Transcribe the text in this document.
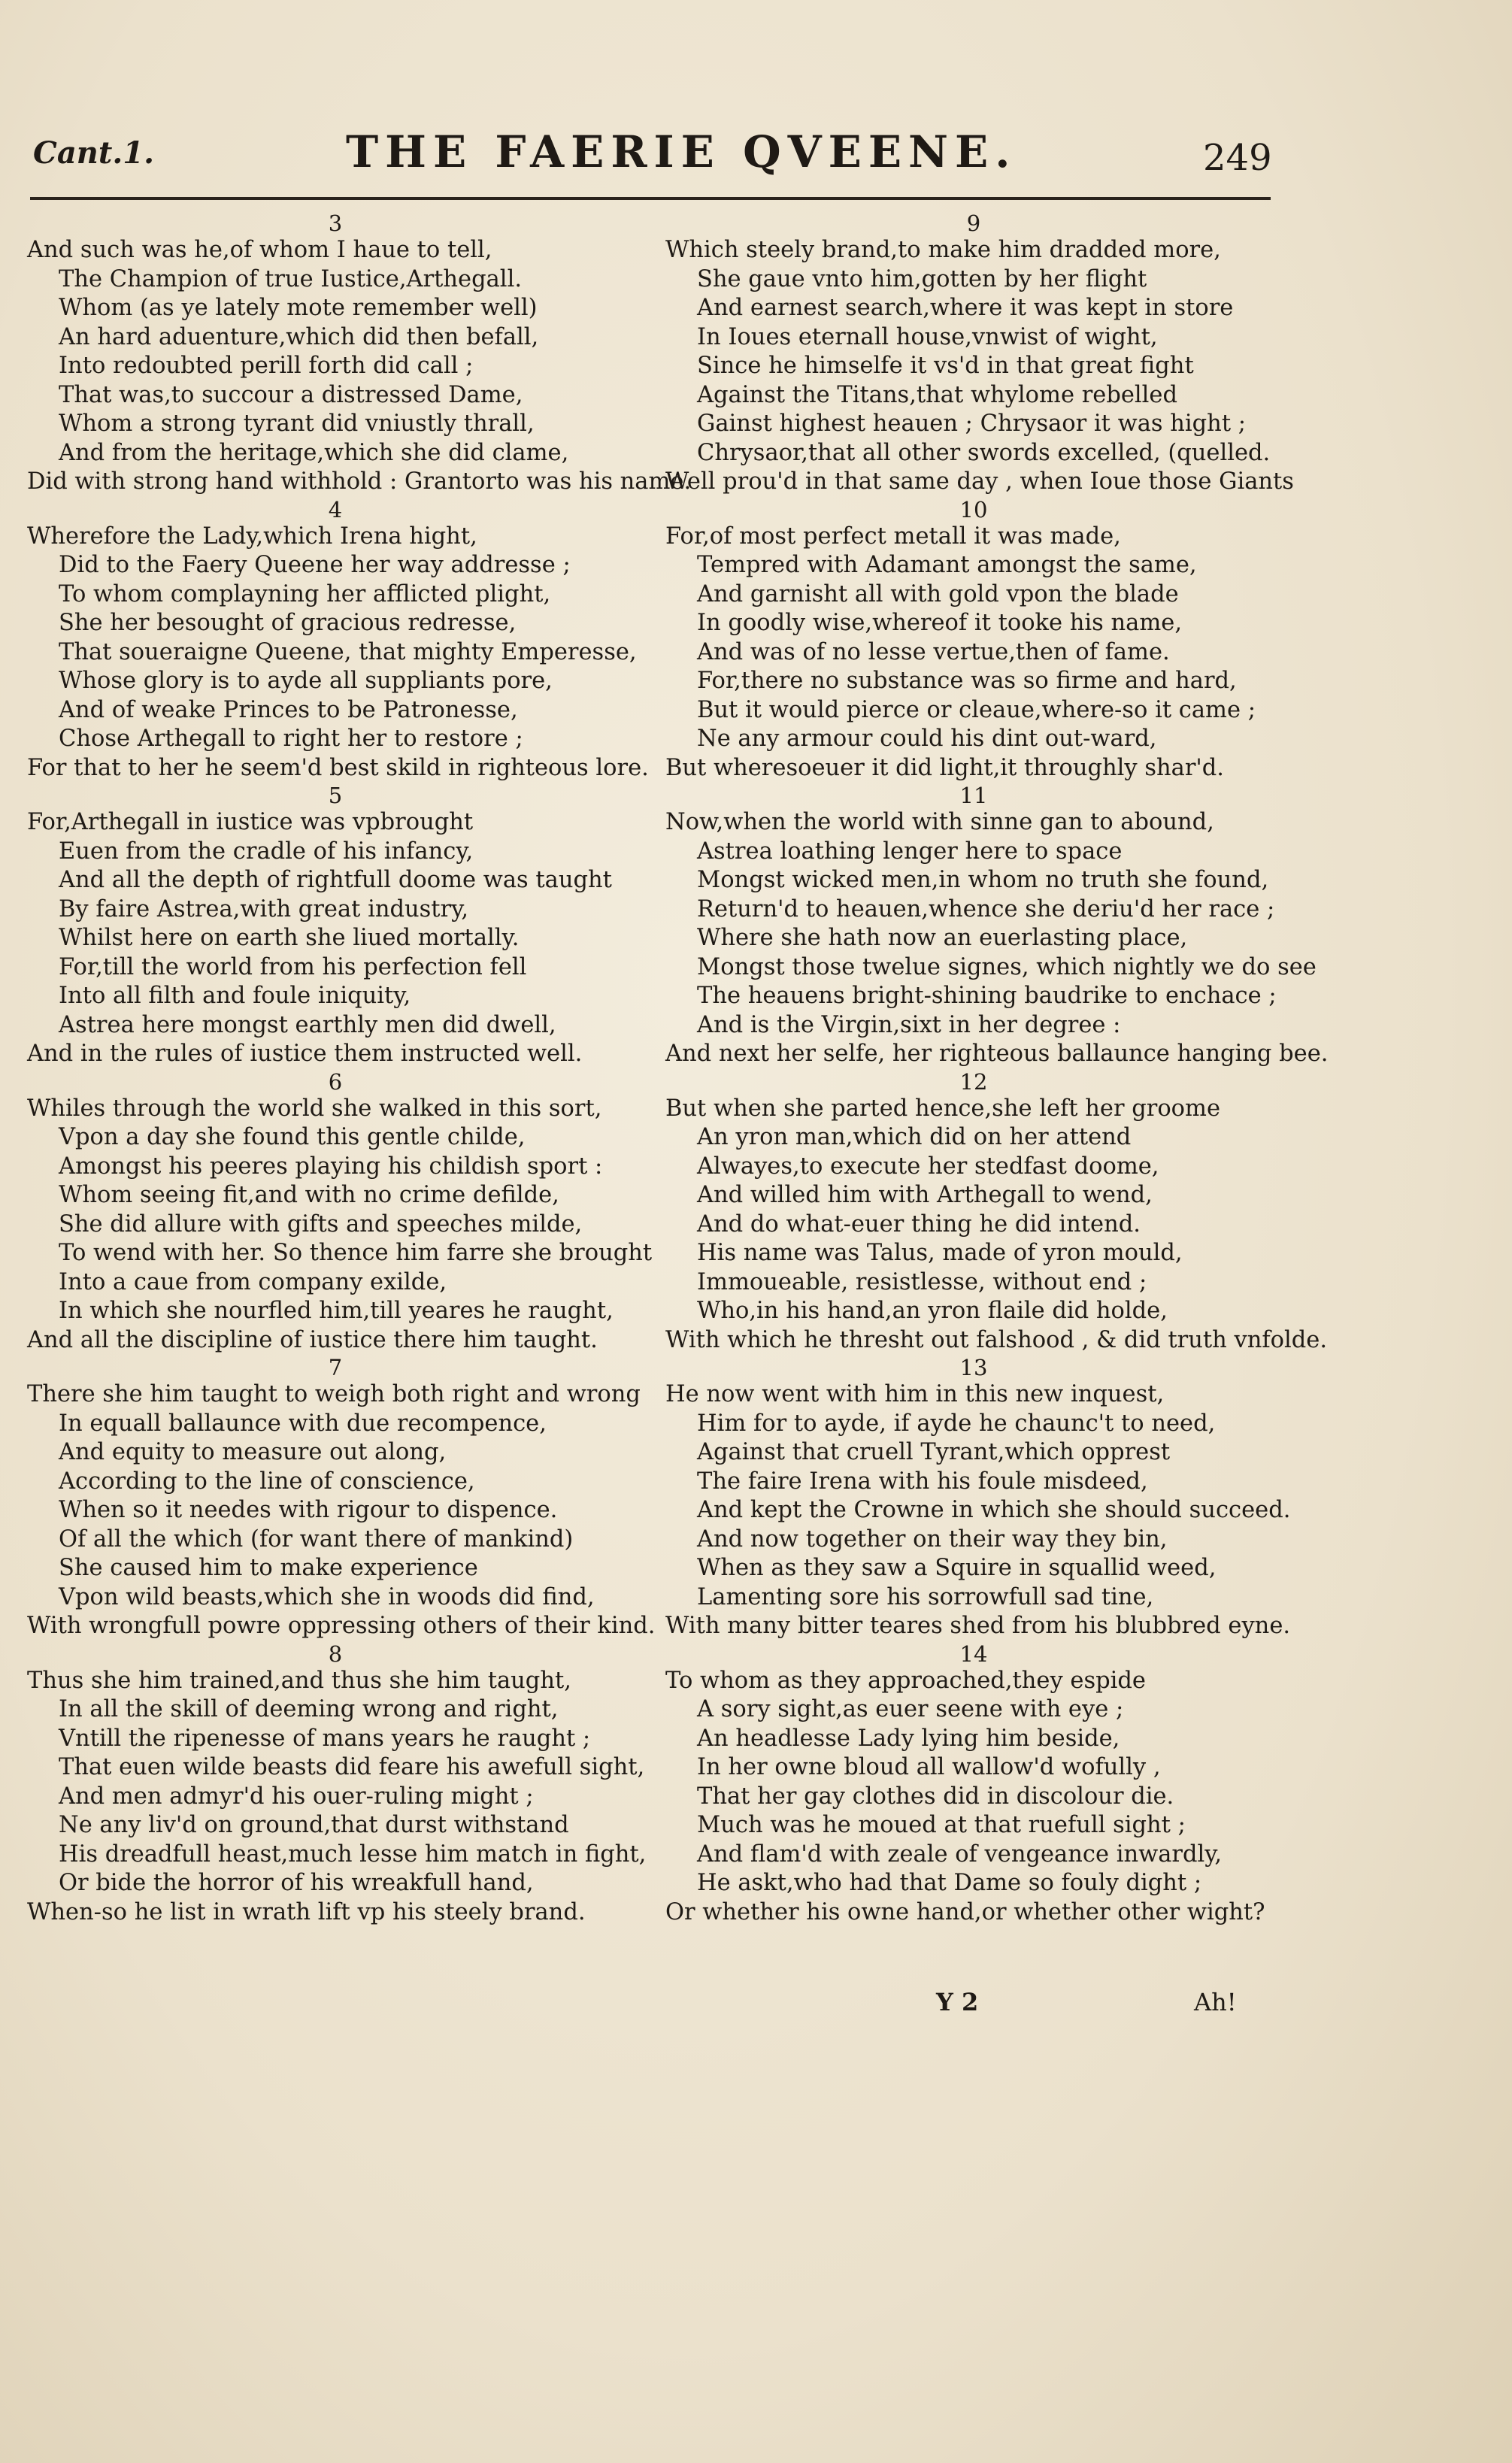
Cant.1.	THE FAERIE QVEENE.	249
3
And such was he,of whom I haue to tell,
The Champion of true Iustice,Arthegall.
Whom (as ye lately mote remember well)
An hard aduenture,which did then befall,
Into redoubted perill forth did call ;
That was,to succour a distressed Dame,
Whom a strong tyrant did vniustly thrall,
And from the heritage,which she did clame,
Did with strong hand withhold : Grantorto was his name.
4
Wherefore the Lady,which Irena hight,
Did to the Faery Queene her way addresse ;
To whom complayning her afflicted plight,
She her besought of gracious redresse,
That soueraigne Queene, that mighty Emperesse,
Whose glory is to ayde all suppliants pore,
And of weake Princes to be Patronesse,
Chose Arthegall to right her to restore ;
For that to her he seem'd best skild in righteous lore.
5
For,Arthegall in iustice was vpbrought
Euen from the cradle of his infancy,
And all the depth of rightfull doome was taught
By faire Astrea,with great industry,
Whilst here on earth she liued mortally.
For,till the world from his perfection fell
Into all filth and foule iniquity,
Astrea here mongst earthly men did dwell,
And in the rules of iustice them instructed well.
6
Whiles through the world she walked in this sort,
Vpon a day she found this gentle childe,
Amongst his peeres playing his childish sport :
Whom seeing fit,and with no crime defilde,
She did allure with gifts and speeches milde,
To wend with her. So thence him farre she brought
Into a caue from company exilde,
In which she nourfled him,till yeares he raught,
And all the discipline of iustice there him taught.
7
There she him taught to weigh both right and wrong
In equall ballaunce with due recompence,
And equity to measure out along,
According to the line of conscience,
When so it needes with rigour to dispence.
Of all the which (for want there of mankind)
She caused him to make experience
Vpon wild beasts,which she in woods did find,
With wrongfull powre oppressing others of their kind.
8
Thus she him trained,and thus she him taught,
In all the skill of deeming wrong and right,
Vntill the ripenesse of mans years he raught ;
That euen wilde beasts did feare his awefull sight,
And men admyr'd his ouer-ruling might ;
Ne any liv'd on ground,that durst withstand
His dreadfull heast,much lesse him match in fight,
Or bide the horror of his wreakfull hand,
When-so he list in wrath lift vp his steely brand.
9
Which steely brand,to make him dradded more,
She gaue vnto him,gotten by her flight
And earnest search,where it was kept in store
In Ioues eternall house,vnwist of wight,
Since he himselfe it vs'd in that great fight
Against the Titans,that whylome rebelled
Gainst highest heauen ; Chrysaor it was hight ;
Chrysaor,that all other swords excelled, (quelled.
Well prou'd in that same day , when Ioue those Giants
10
For,of most perfect metall it was made,
Tempred with Adamant amongst the same,
And garnisht all with gold vpon the blade
In goodly wise,whereof it tooke his name,
And was of no lesse vertue,then of fame.
For,there no substance was so firme and hard,
But it would pierce or cleaue,where-so it came ;
Ne any armour could his dint out-ward,
But wheresoeuer it did light,it throughly shar'd.
11
Now,when the world with sinne gan to abound,
Astrea loathing lenger here to space
Mongst wicked men,in whom no truth she found,
Return'd to heauen,whence she deriu'd her race ;
Where she hath now an euerlasting place,
Mongst those twelue signes, which nightly we do see
The heauens bright-shining baudrike to enchace ;
And is the Virgin,sixt in her degree :
And next her selfe, her righteous ballaunce hanging bee.
12
But when she parted hence,she left her groome
An yron man,which did on her attend
Alwayes,to execute her stedfast doome,
And willed him with Arthegall to wend,
And do what-euer thing he did intend.
His name was Talus, made of yron mould,
Immoueable, resistlesse, without end ;
Who,in his hand,an yron flaile did holde,
With which he thresht out falshood , & did truth vnfolde.
13
He now went with him in this new inquest,
Him for to ayde, if ayde he chaunc't to need,
Against that cruell Tyrant,which opprest
The faire Irena with his foule misdeed,
And kept the Crowne in which she should succeed.
And now together on their way they bin,
When as they saw a Squire in squallid weed,
Lamenting sore his sorrowfull sad tine,
With many bitter teares shed from his blubbred eyne.
14
To whom as they approached,they espide
A sory sight,as euer seene with eye ;
An headlesse Lady lying him beside,
In her owne bloud all wallow'd wofully ,
That her gay clothes did in discolour die.
Much was he moued at that ruefull sight ;
And flam'd with zeale of vengeance inwardly,
He askt,who had that Dame so fouly dight ;
Or whether his owne hand,or whether other wight?
Y 2	Ah!
